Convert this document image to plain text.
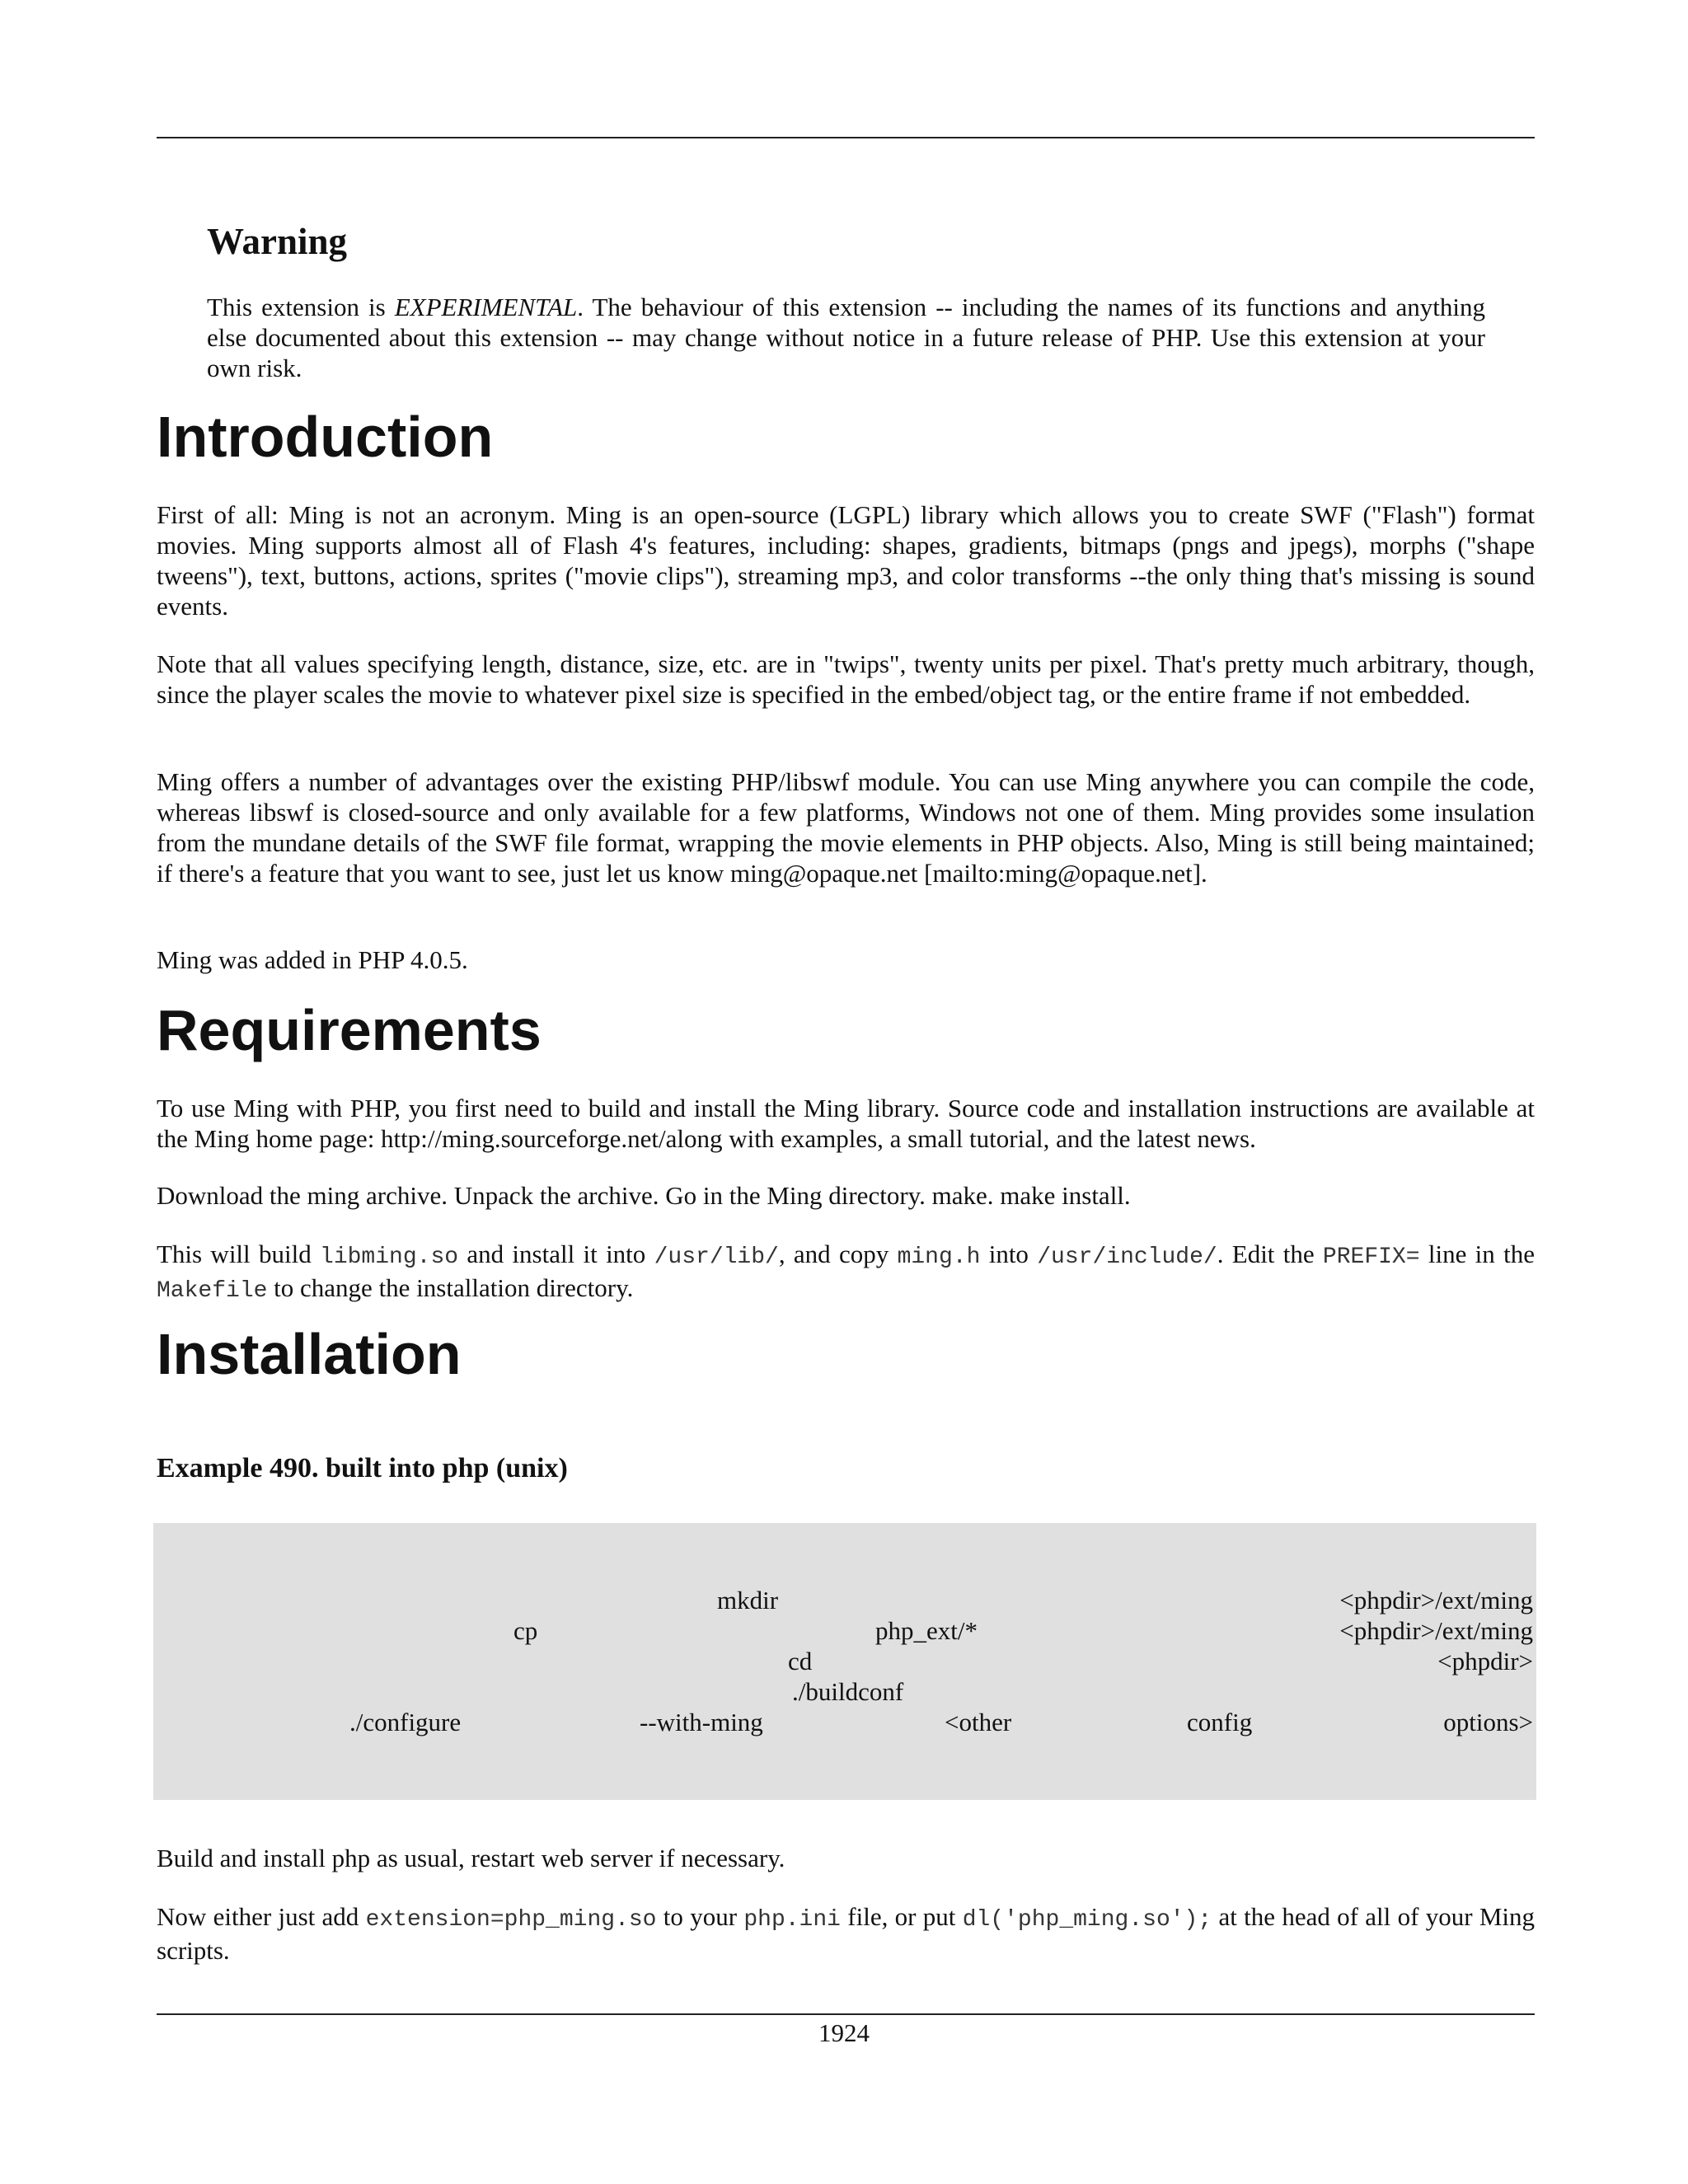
Warning

This extension is EXPERIMENTAL. The behaviour of this extension -- including the names of its functions and anything else documented about this extension -- may change without notice in a future release of PHP. Use this extension at your own risk.

Introduction

First of all: Ming is not an acronym. Ming is an open-source (LGPL) library which allows you to create SWF ("Flash") format movies. Ming supports almost all of Flash 4's features, including: shapes, gradients, bitmaps (pngs and jpegs), morphs ("shape tweens"), text, buttons, actions, sprites ("movie clips"), streaming mp3, and color transforms --the only thing that's missing is sound events.

Note that all values specifying length, distance, size, etc. are in "twips", twenty units per pixel. That's pretty much arbitrary, though, since the player scales the movie to whatever pixel size is specified in the embed/object tag, or the entire frame if not embedded.

Ming offers a number of advantages over the existing PHP/libswf module. You can use Ming anywhere you can compile the code, whereas libswf is closed-source and only available for a few platforms, Windows not one of them. Ming provides some insulation from the mundane details of the SWF file format, wrapping the movie elements in PHP objects. Also, Ming is still being maintained; if there's a feature that you want to see, just let us know ming@opaque.net [mailto:ming@opaque.net].

Ming was added in PHP 4.0.5.

Requirements

To use Ming with PHP, you first need to build and install the Ming library. Source code and installation instructions are available at the Ming home page: http://ming.sourceforge.net/along with examples, a small tutorial, and the latest news.

Download the ming archive. Unpack the archive. Go in the Ming directory. make. make install.

This will build libming.so and install it into /usr/lib/, and copy ming.h into /usr/include/. Edit the PREFIX= line in the Makefile to change the installation directory.

Installation
Example 490. built into php (unix)
mkdir	<phpdir>/ext/ming
cp	php_ext/*	<phpdir>/ext/ming
cd	<phpdir>
./buildconf
./configure	--with-ming	<other	config	options>

Build and install php as usual, restart web server if necessary.

Now either just add extension=php_ming.so to your php.ini file, or put dl('php_ming.so'); at the head of all of your Ming scripts.

1924
